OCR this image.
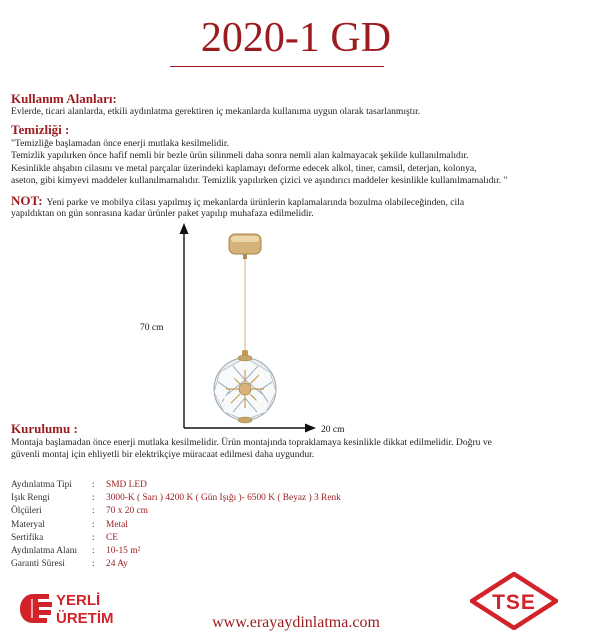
2020-1 GD
Kullanım Alanları:
Evlerde, ticari alanlarda, etkili aydınlatma gerektiren iç mekanlarda kullanıma uygun olarak tasarlanmıştır.
Temizliği :
"Temizliğe başlamadan önce enerji mutlaka kesilmelidir.
Temizlik yapılırken önce hafif nemli bir bezle ürün silinmeli daha sonra nemli alan kalmayacak şekilde kullanılmalıdır.
Kesinlikle ahşabın cilasını ve metal parçalar üzerindeki kaplamayı deforme edecek alkol, tiner, camsil, deterjan, kolonya,
aseton, gibi kimyevi maddeler kullanılmamalıdır. Temizlik yapılırken çizici ve aşındırıcı maddeler kesinlikle kullanılmamalıdır. "
NOT: Yeni parke ve mobilya cilası yapılmış iç mekanlarda ürünlerin kaplamalarında bozulma olabileceğinden, cila
yapıldıktan on gün sonrasına kadar ürünler paket yapılıp muhafaza edilmelidir.
70 cm
20 cm
Kurulumu :
Montaja başlamadan önce enerji mutlaka kesilmelidir. Ürün montajında topraklamaya kesinlikle dikkat edilmelidir. Doğru ve
güvenli montaj için ehliyetli bir elektrikçiye müracaat edilmesi daha uygundur.
Aydınlatma Tipi : SMD LED
Işık Rengi	: 3000-K ( Sarı ) 4200 K ( Gün Işığı )- 6500 K ( Beyaz ) 3 Renk
Ölçüleri	: 70 x 20 cm
Materyal	: Metal
Sertifika	: CE
Aydınlatma Alanı : 10-15 m²
Garanti Süresi	: 24 Ay
YERLİ
ÜRETİM
TSE
www.erayaydinlatma.com
